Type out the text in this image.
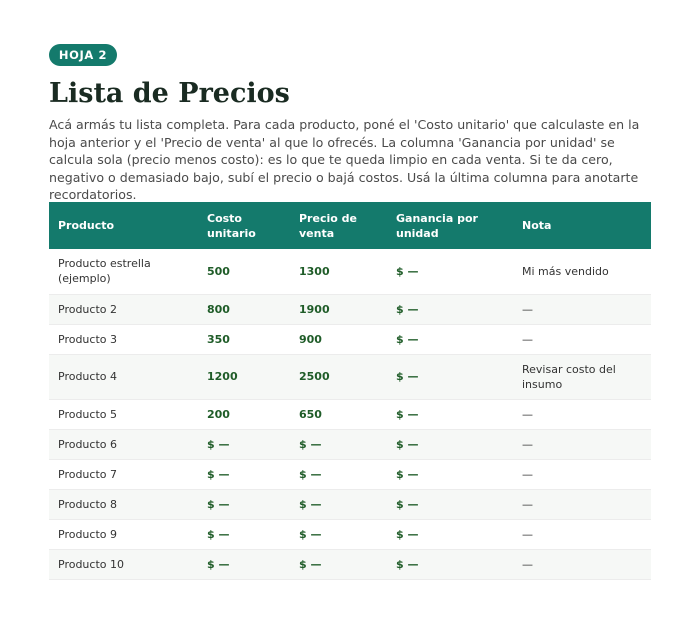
HOJA 2
Lista de Precios

Acá armás tu lista completa. Para cada producto, poné el 'Costo unitario' que calculaste en la hoja anterior y el 'Precio de venta' al que lo ofrecés. La columna 'Ganancia por unidad' se calcula sola (precio menos costo): es lo que te queda limpio en cada venta. Si te da cero, negativo o demasiado bajo, subí el precio o bajá costos. Usá la última columna para anotarte recordatorios.

Producto	Costo unitario	Precio de venta	Ganancia por unidad	Nota
Producto estrella (ejemplo)	500	1300	$ —	Mi más vendido
Producto 2	800	1900	$ —	—
Producto 3	350	900	$ —	—
Producto 4	1200	2500	$ —	Revisar costo del insumo
Producto 5	200	650	$ —	—
Producto 6	$ —	$ —	$ —	—
Producto 7	$ —	$ —	$ —	—
Producto 8	$ —	$ —	$ —	—
Producto 9	$ —	$ —	$ —	—
Producto 10	$ —	$ —	$ —	—
